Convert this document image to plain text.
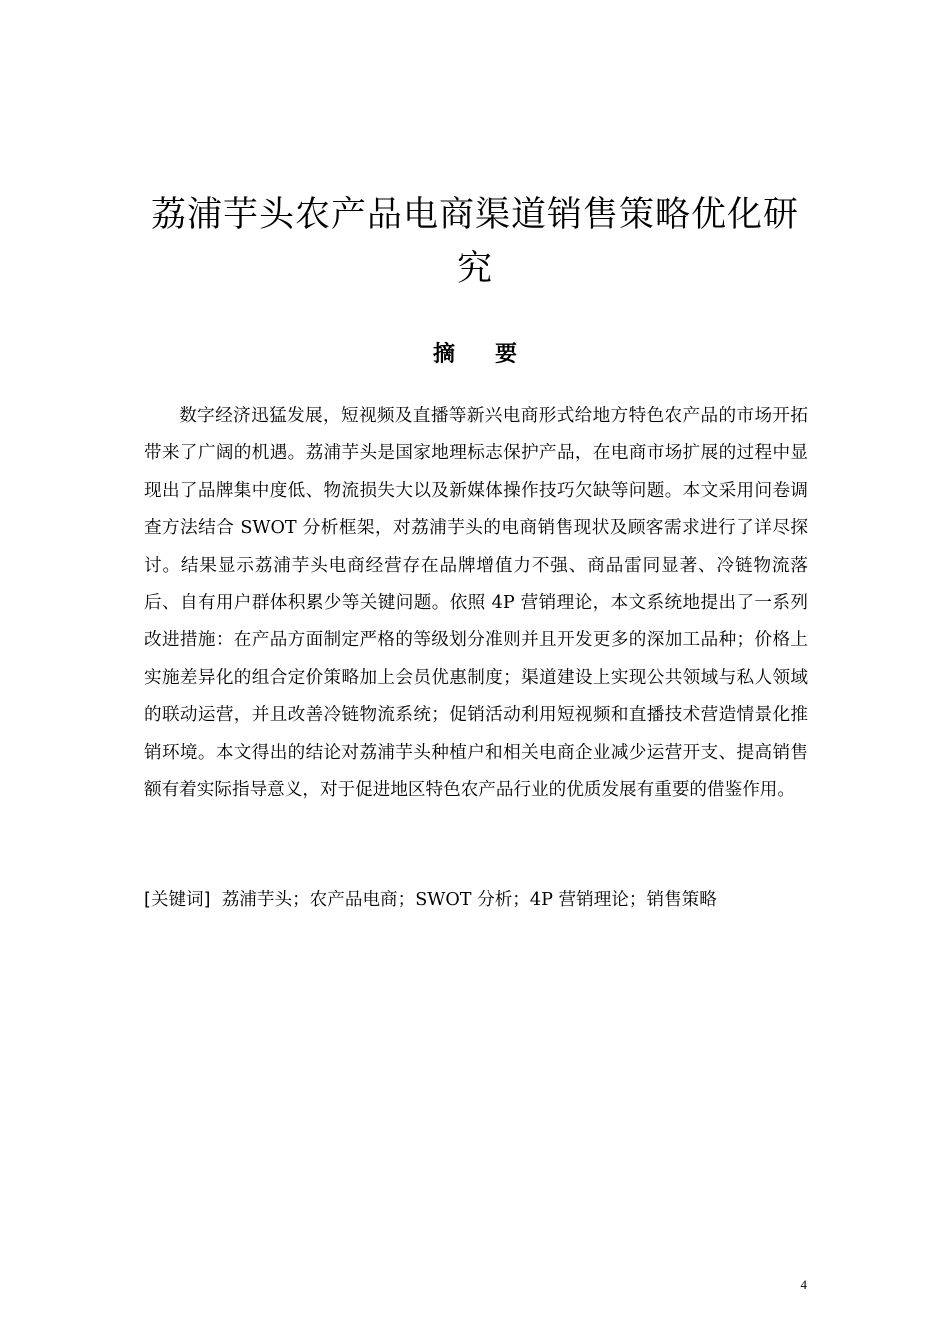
荔浦芋头农产品电商渠道销售策略优化研究
摘要

数字经济迅猛发展，短视频及直播等新兴电商形式给地方特色农产品的市场开拓带来了广阔的机遇。荔浦芋头是国家地理标志保护产品，在电商市场扩展的过程中显现出了品牌集中度低、物流损失大以及新媒体操作技巧欠缺等问题。本文采用问卷调查方法结合 SWOT 分析框架，对荔浦芋头的电商销售现状及顾客需求进行了详尽探讨。结果显示荔浦芋头电商经营存在品牌增值力不强、商品雷同显著、冷链物流落后、自有用户群体积累少等关键问题。依照 4P 营销理论，本文系统地提出了一系列改进措施：在产品方面制定严格的等级划分准则并且开发更多的深加工品种；价格上实施差异化的组合定价策略加上会员优惠制度；渠道建设上实现公共领域与私人领域的联动运营，并且改善冷链物流系统；促销活动利用短视频和直播技术营造情景化推销环境。本文得出的结论对荔浦芋头种植户和相关电商企业减少运营开支、提高销售额有着实际指导意义，对于促进地区特色农产品行业的优质发展有重要的借鉴作用。

[关键词] 荔浦芋头；农产品电商；SWOT 分析；4P 营销理论；销售策略

4
